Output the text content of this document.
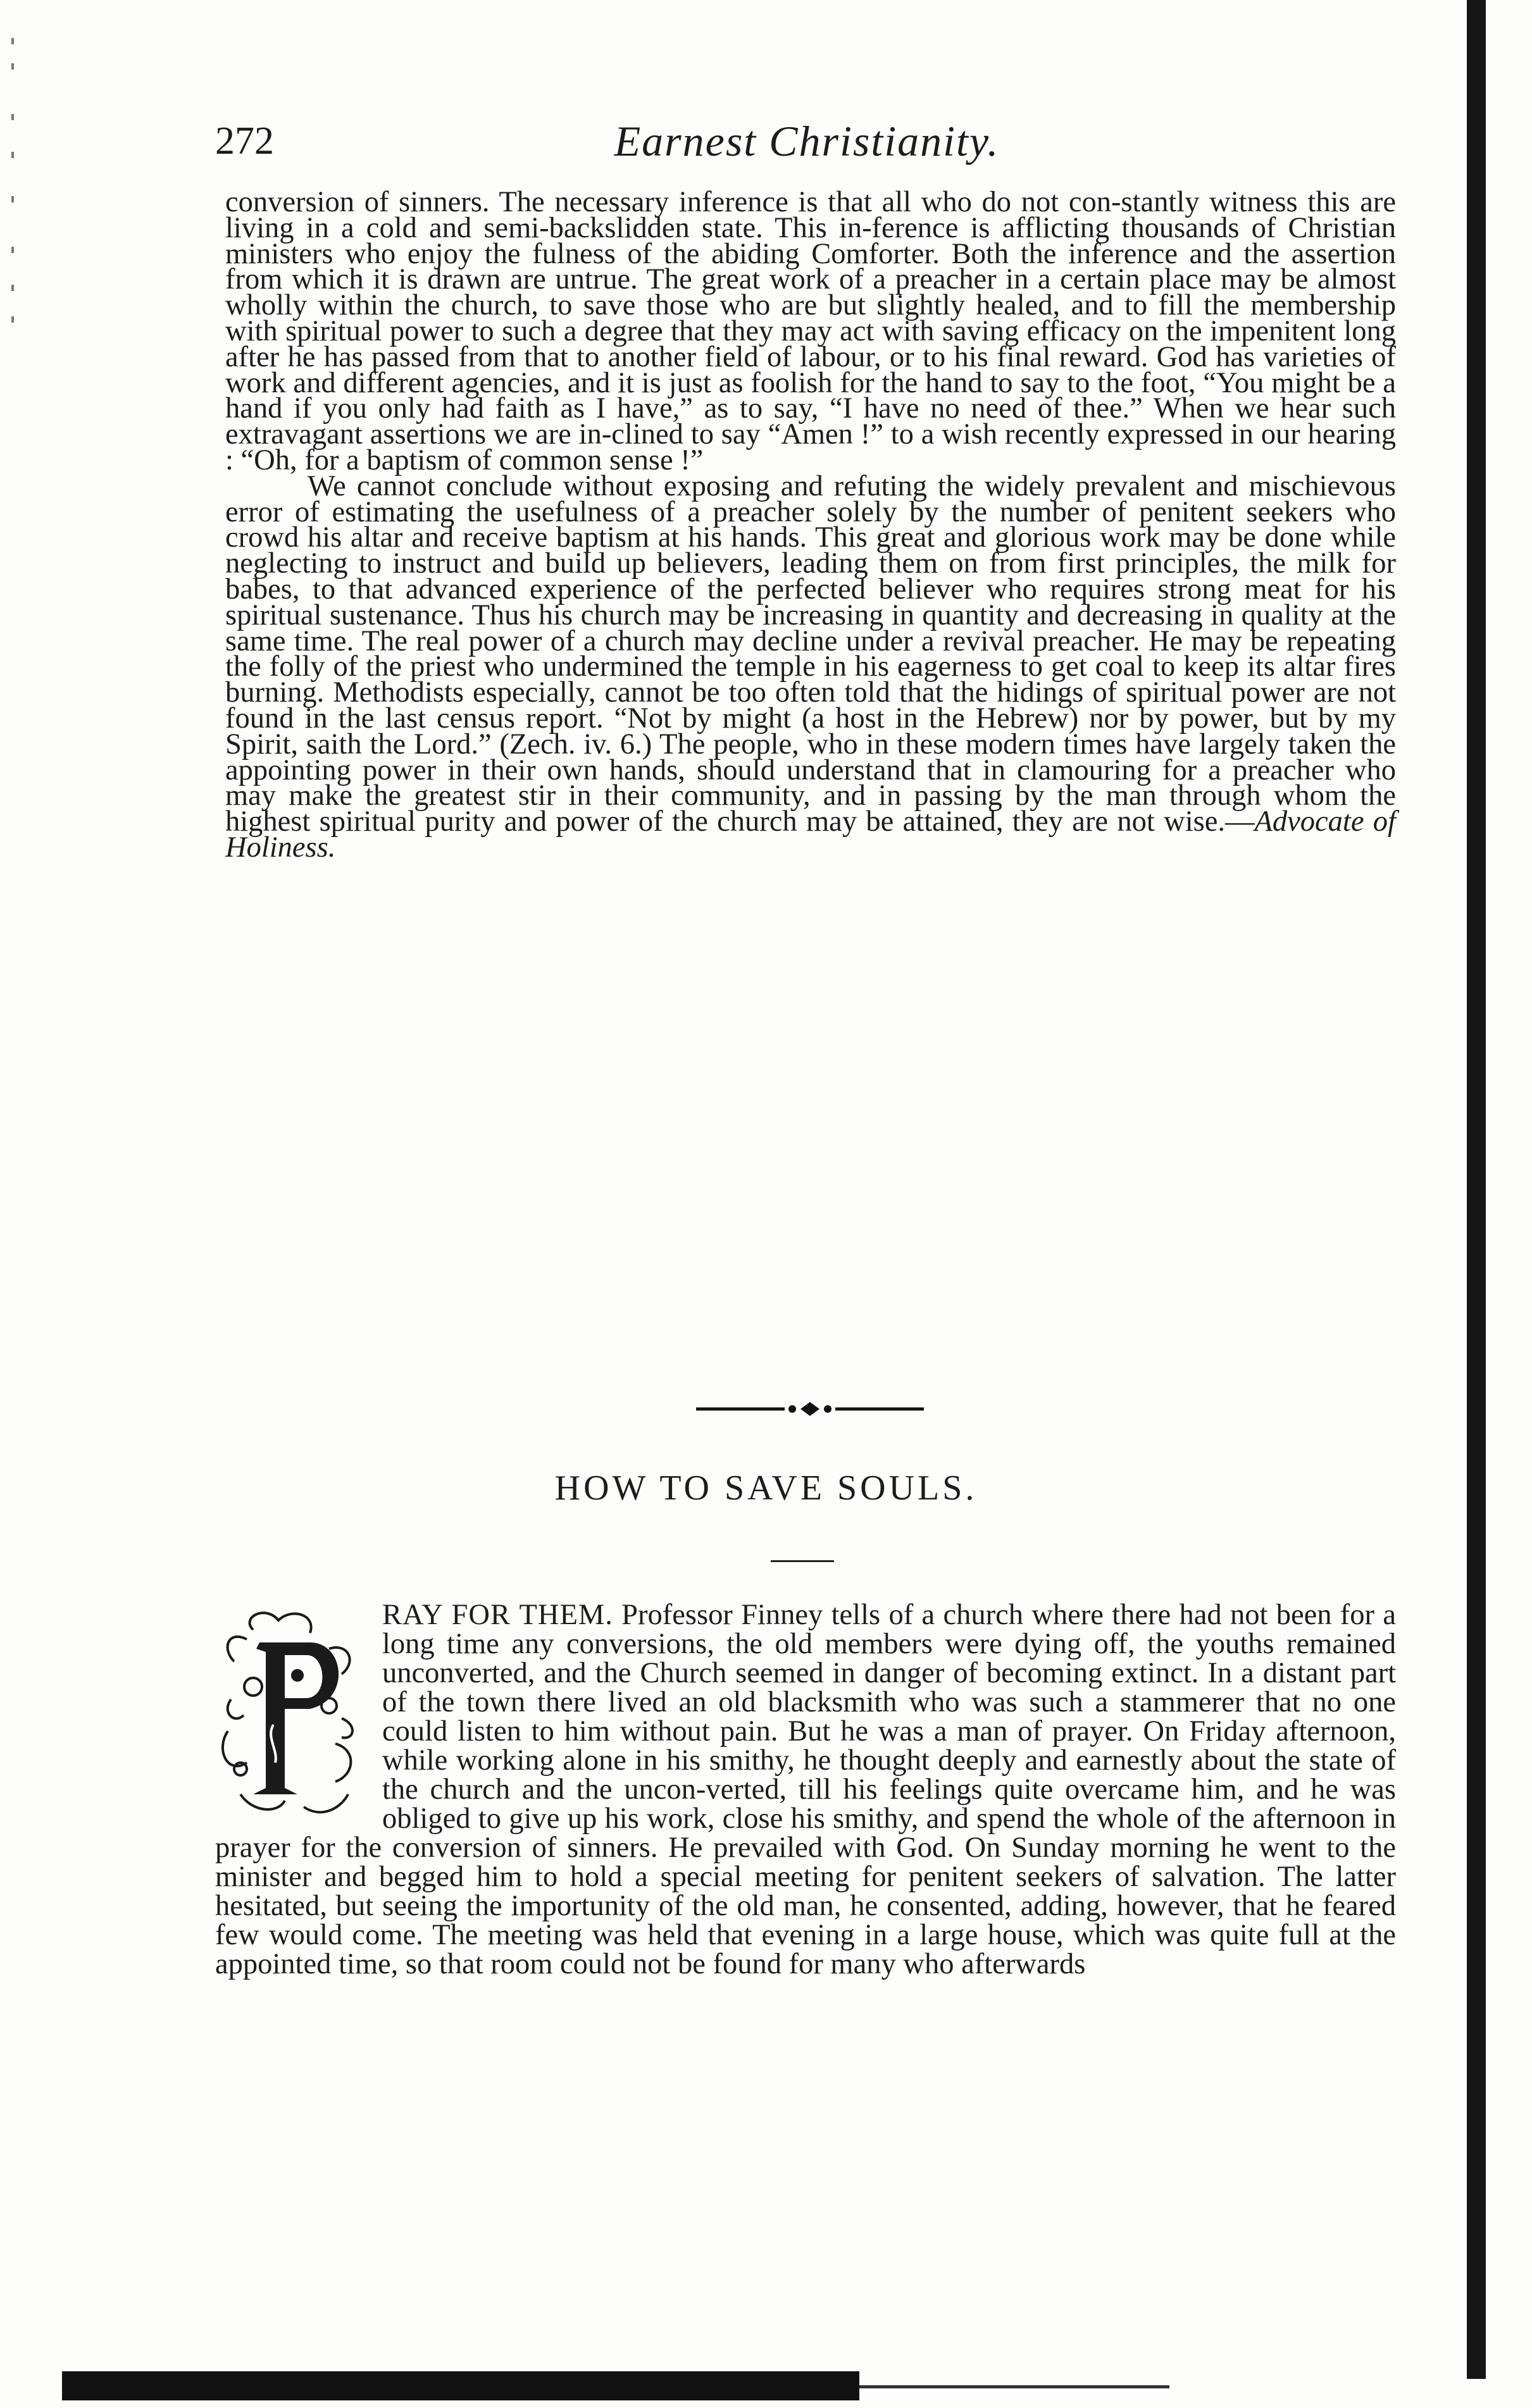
272	Earnest Christianity.

conversion of sinners. The necessary inference is that all who do not con-stantly witness this are living in a cold and semi-backslidden state. This in-ference is afflicting thousands of Christian ministers who enjoy the fulness of the abiding Comforter. Both the inference and the assertion from which it is drawn are untrue. The great work of a preacher in a certain place may be almost wholly within the church, to save those who are but slightly healed, and to fill the membership with spiritual power to such a degree that they may act with saving efficacy on the impenitent long after he has passed from that to another field of labour, or to his final reward. God has varieties of work and different agencies, and it is just as foolish for the hand to say to the foot, “You might be a hand if you only had faith as I have,” as to say, “I have no need of thee.” When we hear such extravagant assertions we are in-clined to say “Amen !” to a wish recently expressed in our hearing : “Oh, for a baptism of common sense !”

We cannot conclude without exposing and refuting the widely prevalent and mischievous error of estimating the usefulness of a preacher solely by the number of penitent seekers who crowd his altar and receive baptism at his hands. This great and glorious work may be done while neglecting to instruct and build up believers, leading them on from first principles, the milk for babes, to that advanced experience of the perfected believer who requires strong meat for his spiritual sustenance. Thus his church may be increasing in quantity and decreasing in quality at the same time. The real power of a church may decline under a revival preacher. He may be repeating the folly of the priest who undermined the temple in his eagerness to get coal to keep its altar fires burning. Methodists especially, cannot be too often told that the hidings of spiritual power are not found in the last census report. “Not by might (a host in the Hebrew) nor by power, but by my Spirit, saith the Lord.” (Zech. iv. 6.) The people, who in these modern times have largely taken the appointing power in their own hands, should understand that in clamouring for a preacher who may make the greatest stir in their community, and in passing by the man through whom the highest spiritual purity and power of the church may be attained, they are not wise.—Advocate of Holiness.

HOW TO SAVE SOULS.

RAY FOR THEM. Professor Finney tells of a church where there had not been for a long time any conversions, the old members were dying off, the youths remained unconverted, and the Church seemed in danger of becoming extinct. In a distant part of the town there lived an old blacksmith who was such a stammerer that no one could listen to him without pain. But he was a man of prayer. On Friday afternoon, while working alone in his smithy, he thought deeply and earnestly about the state of the church and the uncon-verted, till his feelings quite overcame him, and he was obliged to give up his work, close his smithy, and spend the whole of the afternoon in prayer for the conversion of sinners. He prevailed with God. On Sunday morning he went to the minister and begged him to hold a special meeting for penitent seekers of salvation. The latter hesitated, but seeing the importunity of the old man, he consented, adding, however, that he feared few would come. The meeting was held that evening in a large house, which was quite full at the appointed time, so that room could not be found for many who afterwards
